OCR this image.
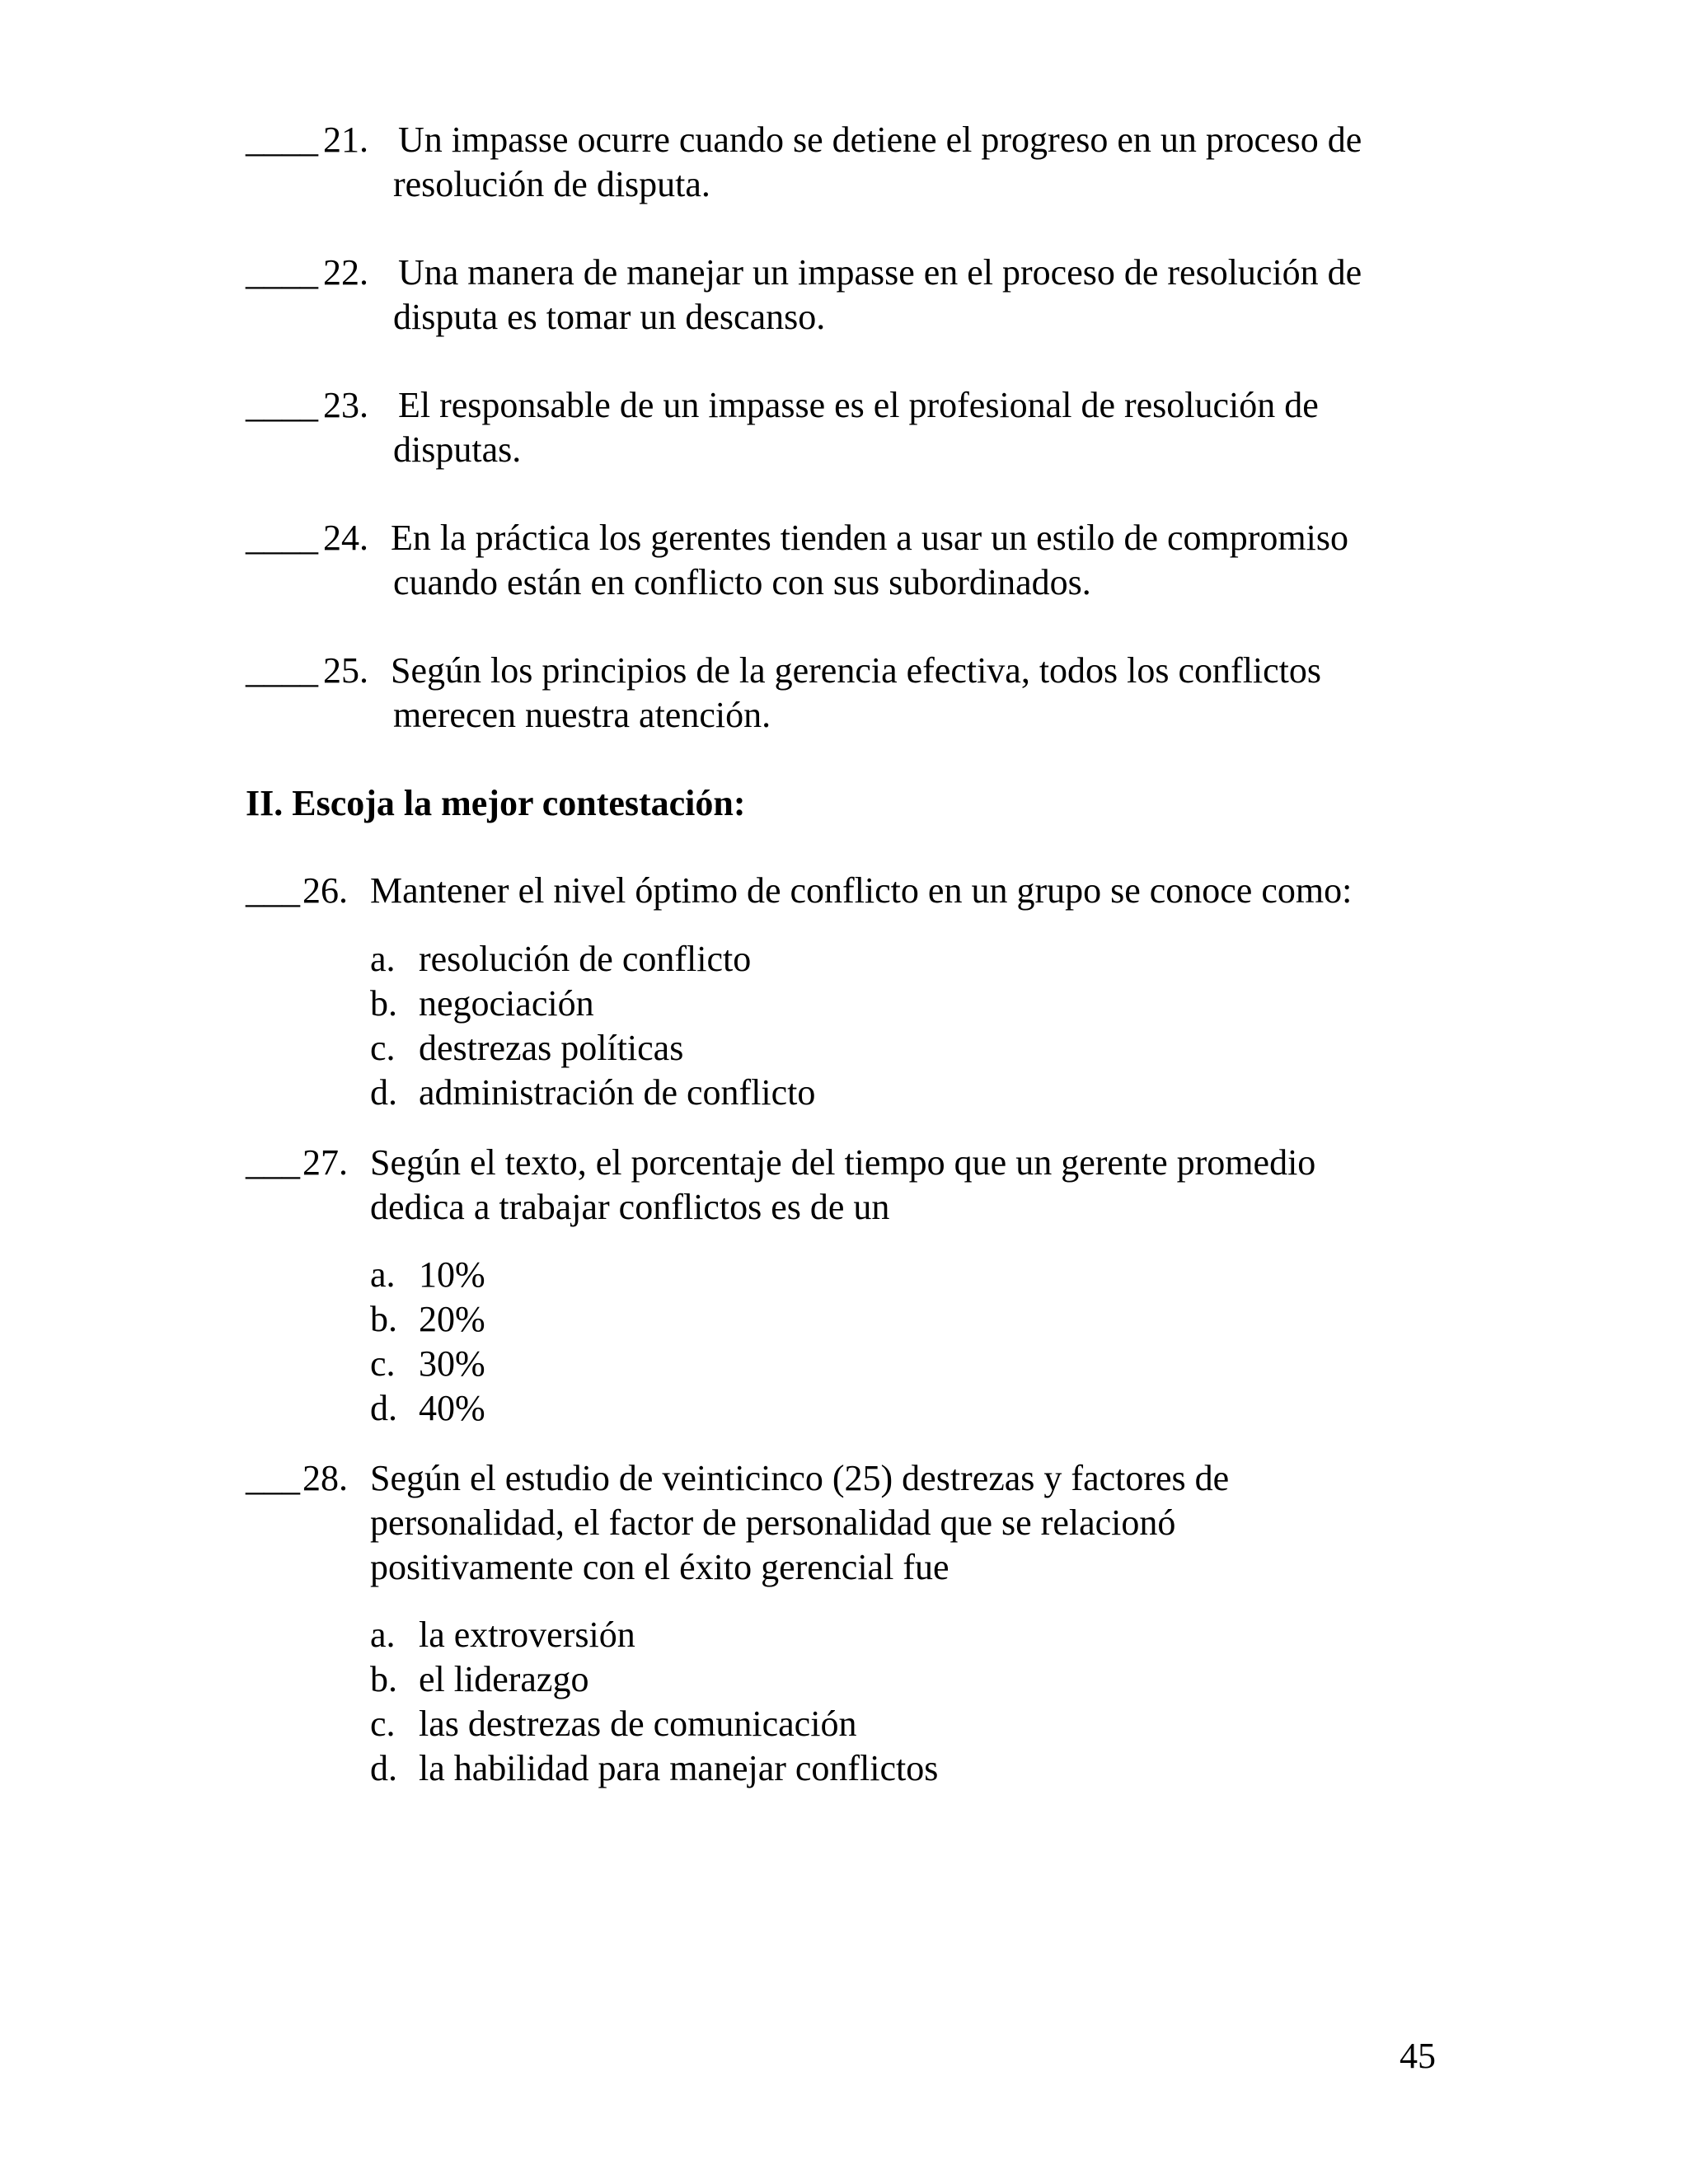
____ 21. Un impasse ocurre cuando se detiene el progreso en un proceso de
resolución de disputa.
____ 22. Una manera de manejar un impasse en el proceso de resolución de
disputa es tomar un descanso.
____ 23. El responsable de un impasse es el profesional de resolución de
disputas.
____ 24. En la práctica los gerentes tienden a usar un estilo de compromiso
cuando están en conflicto con sus subordinados.
____ 25. Según los principios de la gerencia efectiva, todos los conflictos
merecen nuestra atención.
II. Escoja la mejor contestación:
___ 26. Mantener el nivel óptimo de conflicto en un grupo se conoce como:
a. resolución de conflicto
b. negociación
c. destrezas políticas
d. administración de conflicto
___ 27. Según el texto, el porcentaje del tiempo que un gerente promedio
dedica a trabajar conflictos es de un
a. 10%
b. 20%
c. 30%
d. 40%
___ 28. Según el estudio de veinticinco (25) destrezas y factores de
personalidad, el factor de personalidad que se relacionó
positivamente con el éxito gerencial fue
a. la extroversión
b. el liderazgo
c. las destrezas de comunicación
d. la habilidad para manejar conflictos
45
